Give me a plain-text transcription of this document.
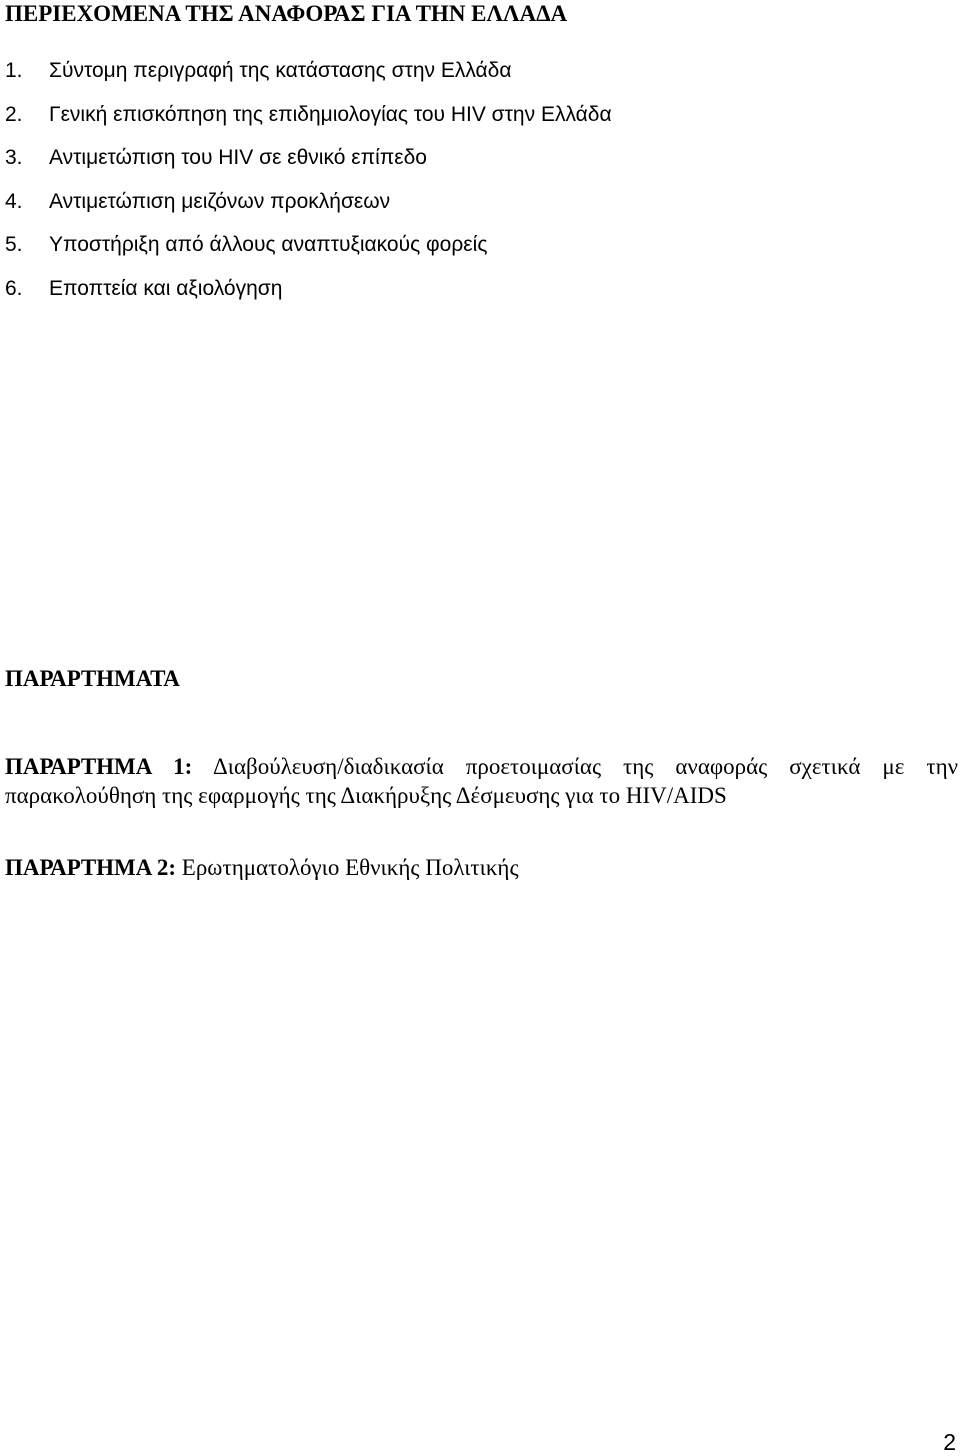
ΠΕΡΙΕΧΟΜΕΝΑ ΤΗΣ ΑΝΑΦΟΡΑΣ ΓΙΑ ΤΗΝ ΕΛΛΑΔΑ
1. Σύντομη περιγραφή της κατάστασης στην Ελλάδα
2. Γενική επισκόπηση της επιδημιολογίας του HIV στην Ελλάδα
3. Αντιμετώπιση του HIV σε εθνικό επίπεδο
4. Αντιμετώπιση μειζόνων προκλήσεων
5. Υποστήριξη από άλλους αναπτυξιακούς φορείς
6. Εποπτεία και αξιολόγηση
ΠΑΡΑΡΤΗΜΑΤΑ

ΠΑΡΑΡΤΗΜΑ 1: Διαβούλευση/διαδικασία προετοιμασίας της αναφοράς σχετικά με την παρακολούθηση της εφαρμογής της Διακήρυξης Δέσμευσης για το HIV/AIDS

ΠΑΡΑΡΤΗΜΑ 2: Ερωτηματολόγιο Εθνικής Πολιτικής

2
